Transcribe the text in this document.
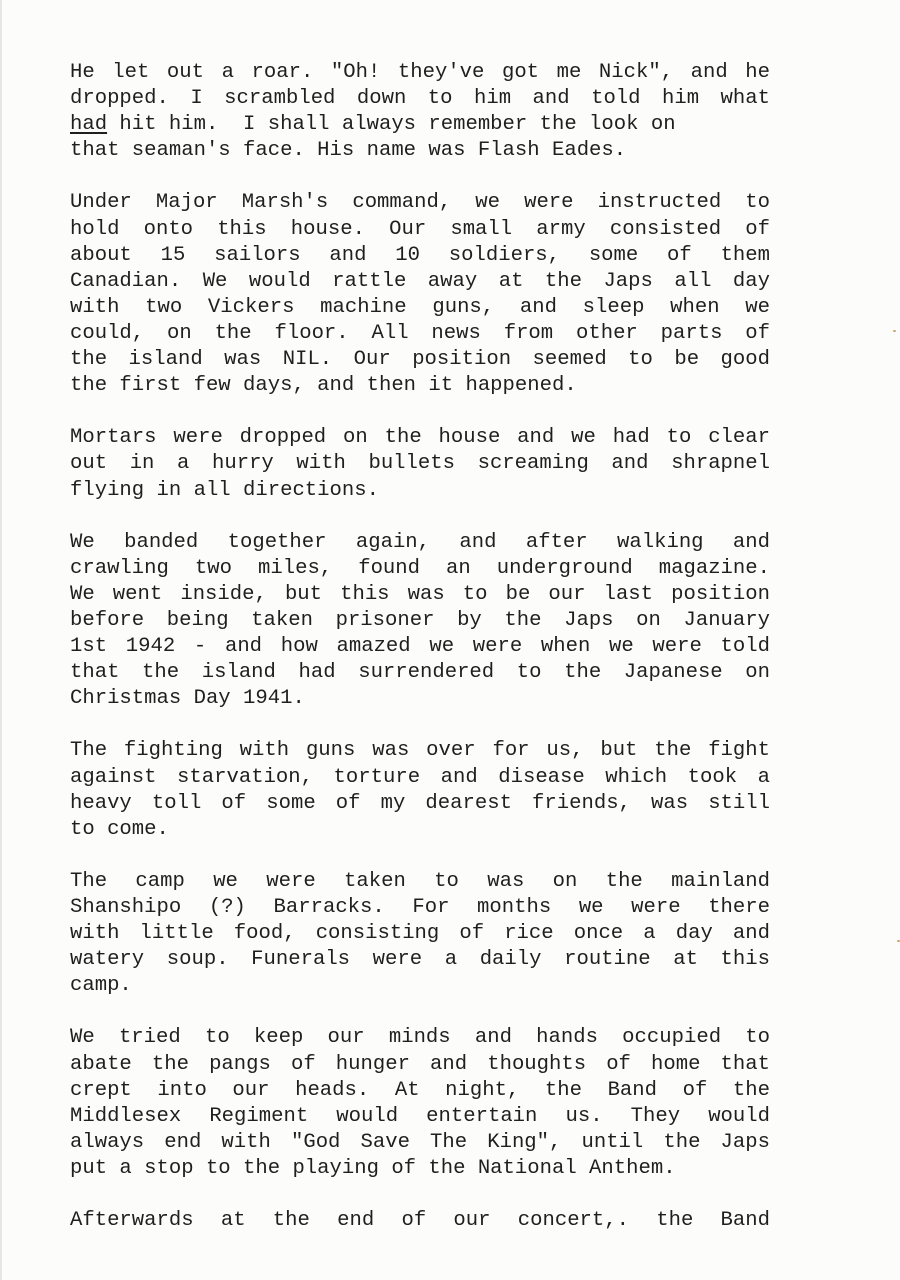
He let out a roar. "Oh! they've got me Nick", and he
dropped. I scrambled down to him and told him what
had hit him.  I shall always remember the look on
that seaman's face. His name was Flash Eades.
Under Major Marsh's command, we were instructed to
hold onto this house. Our small army consisted of
about 15 sailors and 10 soldiers, some of them
Canadian. We would rattle away at the Japs all day
with two Vickers machine guns, and sleep when we
could, on the floor. All news from other parts of
the island was NIL. Our position seemed to be good
the first few days, and then it happened.
Mortars were dropped on the house and we had to clear
out in a hurry with bullets screaming and shrapnel
flying in all directions.
We banded together again, and after walking and
crawling two miles, found an underground magazine.
We went inside, but this was to be our last position
before being taken prisoner by the Japs on January
1st 1942 - and how amazed we were when we were told
that the island had surrendered to the Japanese on
Christmas Day 1941.
The fighting with guns was over for us, but the fight
against starvation, torture and disease which took a
heavy toll of some of my dearest friends, was still
to come.
The camp we were taken to was on the mainland
Shanshipo (?) Barracks. For months we were there
with little food, consisting of rice once a day and
watery soup. Funerals were a daily routine at this
camp.
We tried to keep our minds and hands occupied to
abate the pangs of hunger and thoughts of home that
crept into our heads. At night, the Band of the
Middlesex Regiment would entertain us. They would
always end with "God Save The King", until the Japs
put a stop to the playing of the National Anthem.
Afterwards at the end of our concert,. the Band
